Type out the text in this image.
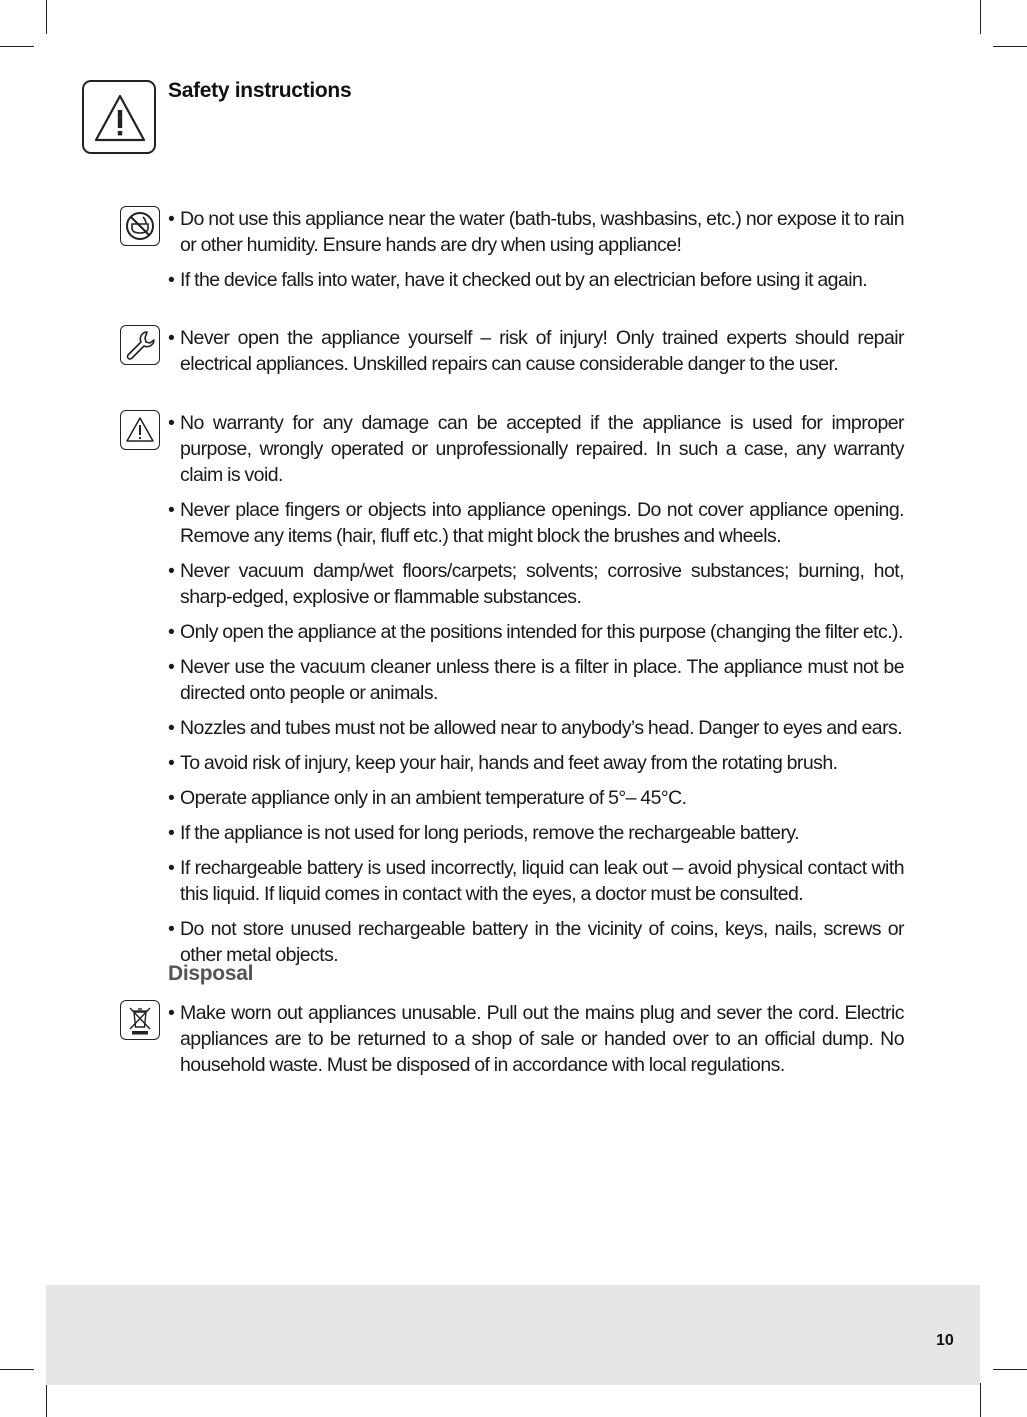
Safety instructions
• Do not use this appliance near the water (bath-tubs, washbasins, etc.) nor expose it to rain or other humidity. Ensure hands are dry when using appliance!
• If the device falls into water, have it checked out by an electrician before using it again.
• Never open the appliance yourself – risk of injury! Only trained experts should repair electrical appliances. Unskilled repairs can cause considerable danger to the user.
• No warranty for any damage can be accepted if the appliance is used for improper purpose, wrongly operated or unprofessionally repaired. In such a case, any warranty claim is void.
• Never place fingers or objects into appliance openings. Do not cover appliance opening. Remove any items (hair, fluff etc.) that might block the brushes and wheels.
• Never vacuum damp/wet floors/carpets; solvents; corrosive substances; burning, hot, sharp-edged, explosive or flammable substances.
• Only open the appliance at the positions intended for this purpose (changing the filter etc.).
• Never use the vacuum cleaner unless there is a filter in place. The appliance must not be directed onto people or animals.
• Nozzles and tubes must not be allowed near to anybody’s head. Danger to eyes and ears.
• To avoid risk of injury, keep your hair, hands and feet away from the rotating brush.
• Operate appliance only in an ambient temperature of 5°– 45°C.
• If the appliance is not used for long periods, remove the rechargeable battery.
• If rechargeable battery is used incorrectly, liquid can leak out – avoid physical contact with this liquid. If liquid comes in contact with the eyes, a doctor must be consulted.
• Do not store unused rechargeable battery in the vicinity of coins, keys, nails, screws or other metal objects.
Disposal
• Make worn out appliances unusable. Pull out the mains plug and sever the cord. Electric appliances are to be returned to a shop of sale or handed over to an official dump. No household waste. Must be disposed of in accordance with local regulations.
10
